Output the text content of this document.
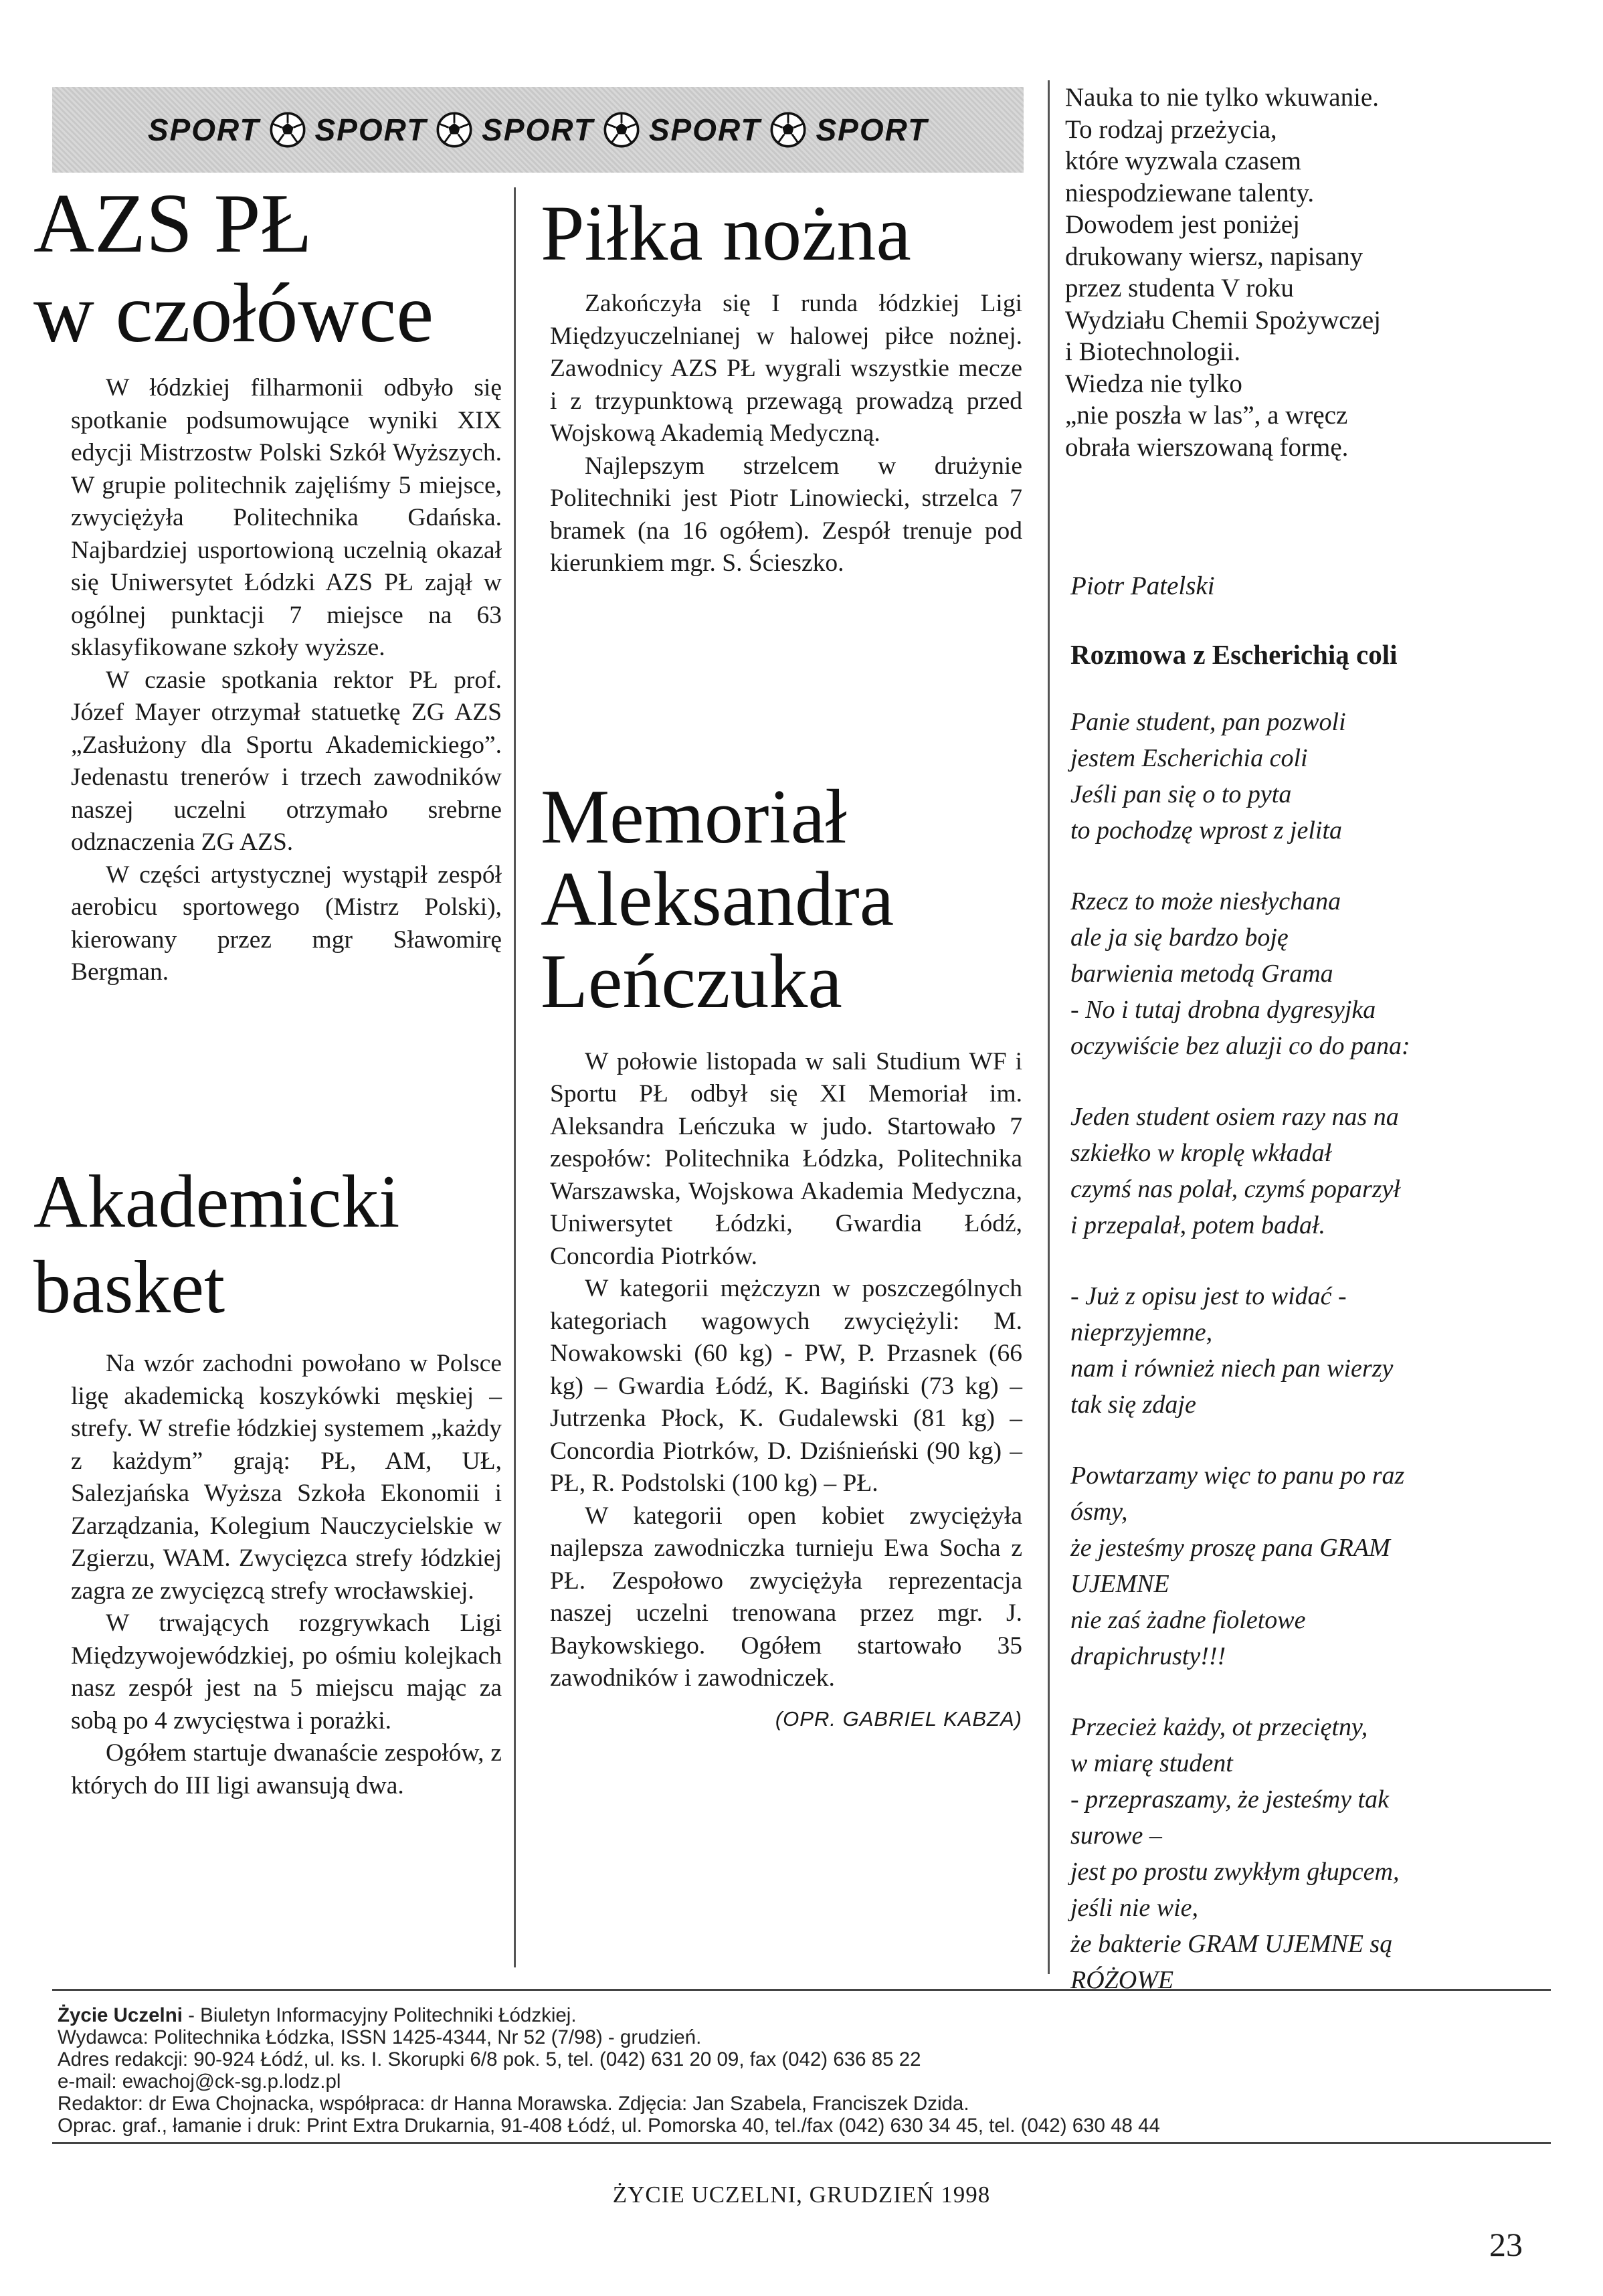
SPORT SPORT SPORT SPORT SPORT
AZS PŁ
w czołówce

W łódzkiej filharmonii odbyło się spotkanie podsumowujące wyniki XIX edycji Mistrzostw Polski Szkół Wyższych. W grupie politechnik zajęliśmy 5 miejsce, zwyciężyła Politechnika Gdańska. Najbardziej usportowioną uczelnią okazał się Uniwersytet Łódzki AZS PŁ zajął w ogólnej punktacji 7 miejsce na 63 sklasyfikowane szkoły wyższe.

W czasie spotkania rektor PŁ prof. Józef Mayer otrzymał statuetkę ZG AZS „Zasłużony dla Sportu Akademickiego”. Jedenastu trenerów i trzech zawodników naszej uczelni otrzymało srebrne odznaczenia ZG AZS.

W części artystycznej wystąpił zespół aerobicu sportowego (Mistrz Polski), kierowany przez mgr Sławomirę Bergman.

Akademicki
basket

Na wzór zachodni powołano w Polsce ligę akademicką koszykówki męskiej – strefy. W strefie łódzkiej systemem „każdy z każdym” grają: PŁ, AM, UŁ, Salezjańska Wyższa Szkoła Ekonomii i Zarządzania, Kolegium Nauczycielskie w Zgierzu, WAM. Zwycięzca strefy łódzkiej zagra ze zwycięzcą strefy wrocławskiej.

W trwających rozgrywkach Ligi Międzywojewódzkiej, po ośmiu kolejkach nasz zespół jest na 5 miejscu mając za sobą po 4 zwycięstwa i porażki.

Ogółem startuje dwanaście zespołów, z których do III ligi awansują dwa.

Piłka nożna

Zakończyła się I runda łódzkiej Ligi Międzyuczelnianej w halowej piłce nożnej. Zawodnicy AZS PŁ wygrali wszystkie mecze i z trzypunktową przewagą prowadzą przed Wojskową Akademią Medyczną.

Najlepszym strzelcem w drużynie Politechniki jest Piotr Linowiecki, strzelca 7 bramek (na 16 ogółem). Zespół trenuje pod kierunkiem mgr. S. Ścieszko.

Memoriał
Aleksandra
Leńczuka

W połowie listopada w sali Studium WF i Sportu PŁ odbył się XI Memoriał im. Aleksandra Leńczuka w judo. Startowało 7 zespołów: Politechnika Łódzka, Politechnika Warszawska, Wojskowa Akademia Medyczna, Uniwersytet Łódzki, Gwardia Łódź, Concordia Piotrków.

W kategorii mężczyzn w poszczególnych kategoriach wagowych zwyciężyli: M. Nowakowski (60 kg) - PW, P. Przasnek (66 kg) – Gwardia Łódź, K. Bagiński (73 kg) – Jutrzenka Płock, K. Gudalewski (81 kg) – Concordia Piotrków, D. Dziśnieński (90 kg) – PŁ, R. Podstolski (100 kg) – PŁ.

W kategorii open kobiet zwyciężyła najlepsza zawodniczka turnieju Ewa Socha z PŁ. Zespołowo zwyciężyła reprezentacja naszej uczelni trenowana przez mgr. J. Baykowskiego. Ogółem startowało 35 zawodników i zawodniczek.

(OPR. GABRIEL KABZA)
Nauka to nie tylko wkuwanie.
To rodzaj przeżycia,
które wyzwala czasem
niespodziewane talenty.
Dowodem jest poniżej
drukowany wiersz, napisany
przez studenta V roku
Wydziału Chemii Spożywczej
i Biotechnologii.
Wiedza nie tylko
„nie poszła w las”, a wręcz
obrała wierszowaną formę.
Piotr Patelski
Rozmowa z Escherichią coli
Panie student, pan pozwoli
jestem Escherichia coli
Jeśli pan się o to pyta
to pochodzę wprost z jelita
Rzecz to może niesłychana
ale ja się bardzo boję
barwienia metodą Grama
- No i tutaj drobna dygresyjka
oczywiście bez aluzji co do pana:
Jeden student osiem razy nas na
szkiełko w kroplę wkładał
czymś nas polał, czymś poparzył
i przepalał, potem badał.
- Już z opisu jest to widać -
nieprzyjemne,
nam i również niech pan wierzy
tak się zdaje
Powtarzamy więc to panu po raz
ósmy,
że jesteśmy proszę pana GRAM
UJEMNE
nie zaś żadne fioletowe
drapichrusty!!!
Przecież każdy, ot przeciętny,
w miarę student
- przepraszamy, że jesteśmy tak
surowe –
jest po prostu zwykłym głupcem,
jeśli nie wie,
że bakterie GRAM UJEMNE są
RÓŻOWE
Życie Uczelni - Biuletyn Informacyjny Politechniki Łódzkiej.
Wydawca: Politechnika Łódzka, ISSN 1425-4344, Nr 52 (7/98) - grudzień.
Adres redakcji: 90-924 Łódź, ul. ks. I. Skorupki 6/8 pok. 5, tel. (042) 631 20 09, fax (042) 636 85 22
e-mail: ewachoj@ck-sg.p.lodz.pl
Redaktor: dr Ewa Chojnacka, współpraca: dr Hanna Morawska. Zdjęcia: Jan Szabela, Franciszek Dzida.
Oprac. graf., łamanie i druk: Print Extra Drukarnia, 91-408 Łódź, ul. Pomorska 40, tel./fax (042) 630 34 45, tel. (042) 630 48 44
ŻYCIE UCZELNI, GRUDZIEŃ 1998
23
